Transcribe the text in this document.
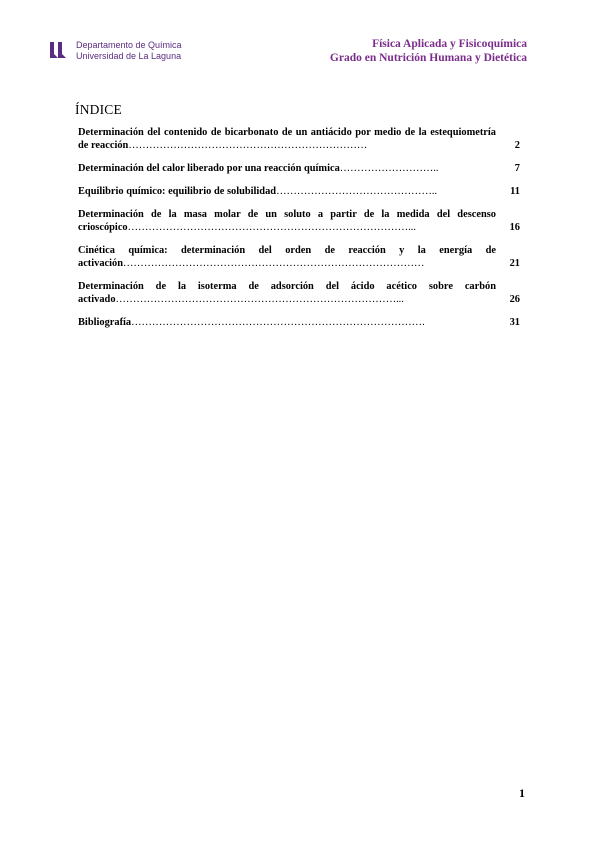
Departamento de Química
Universidad de La Laguna
Física Aplicada y Fisicoquímica
Grado en Nutrición Humana y Dietética
ÍNDICE
Determinación del contenido de bicarbonato de un antiácido por medio de la estequiometría de reacción……………………………………………………………	2
Determinación del calor liberado por una reacción química………………………..	7
Equilibrio químico: equilibrio de solubilidad………………………………………..	11
Determinación de la masa molar de un soluto a partir de la medida del descenso crioscópico………………………………………………………………………...	16
Cinética química: determinación del orden de reacción y la energía de activación……………………………………………………………………………	21
Determinación de la isoterma de adsorción del ácido acético sobre carbón activado………………………………………………………………………...	26
Bibliografía………………………………………………………………………….	31
1
